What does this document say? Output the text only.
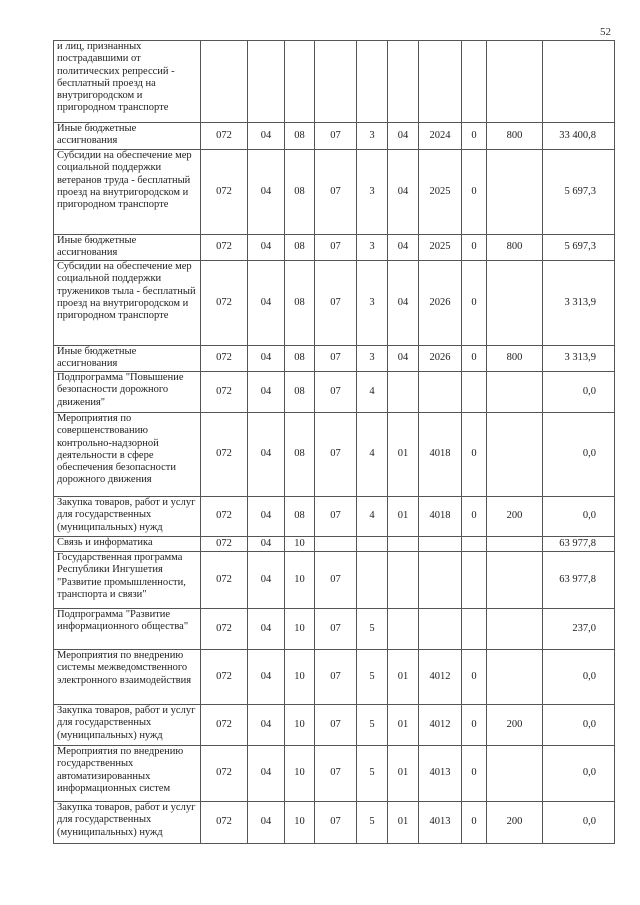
52
и лиц, признанных пострадавшими от политических репрессий - бесплатный проезд на внутригородском и пригородном транспорте										
Иные бюджетные ассигнования	072	04	08	07	3	04	2024	0	800	33 400,8
Субсидии на обеспечение мер социальной поддержки ветеранов труда - бесплатный проезд на внутригородском и пригородном транспорте	072	04	08	07	3	04	2025	0		5 697,3
Иные бюджетные ассигнования	072	04	08	07	3	04	2025	0	800	5 697,3
Субсидии на обеспечение мер социальной поддержки тружеников тыла - бесплатный проезд на внутригородском и пригородном транспорте	072	04	08	07	3	04	2026	0		3 313,9
Иные бюджетные ассигнования	072	04	08	07	3	04	2026	0	800	3 313,9
Подпрограмма "Повышение безопасности дорожного движения"	072	04	08	07	4					0,0
Мероприятия по совершенствованию контрольно-надзорной деятельности в сфере обеспечения безопасности дорожного движения	072	04	08	07	4	01	4018	0		0,0
Закупка товаров, работ и услуг для государственных (муниципальных) нужд	072	04	08	07	4	01	4018	0	200	0,0
Связь и информатика	072	04	10							63 977,8
Государственная программа Республики Ингушетия "Развитие промышленности, транспорта и связи"	072	04	10	07						63 977,8
Подпрограмма "Развитие информационного общества"	072	04	10	07	5					237,0
Мероприятия по внедрению системы межведомственного электронного взаимодействия	072	04	10	07	5	01	4012	0		0,0
Закупка товаров, работ и услуг для государственных (муниципальных) нужд	072	04	10	07	5	01	4012	0	200	0,0
Мероприятия по внедрению государственных автоматизированных информационных систем	072	04	10	07	5	01	4013	0		0,0
Закупка товаров, работ и услуг для государственных (муниципальных) нужд	072	04	10	07	5	01	4013	0	200	0,0
